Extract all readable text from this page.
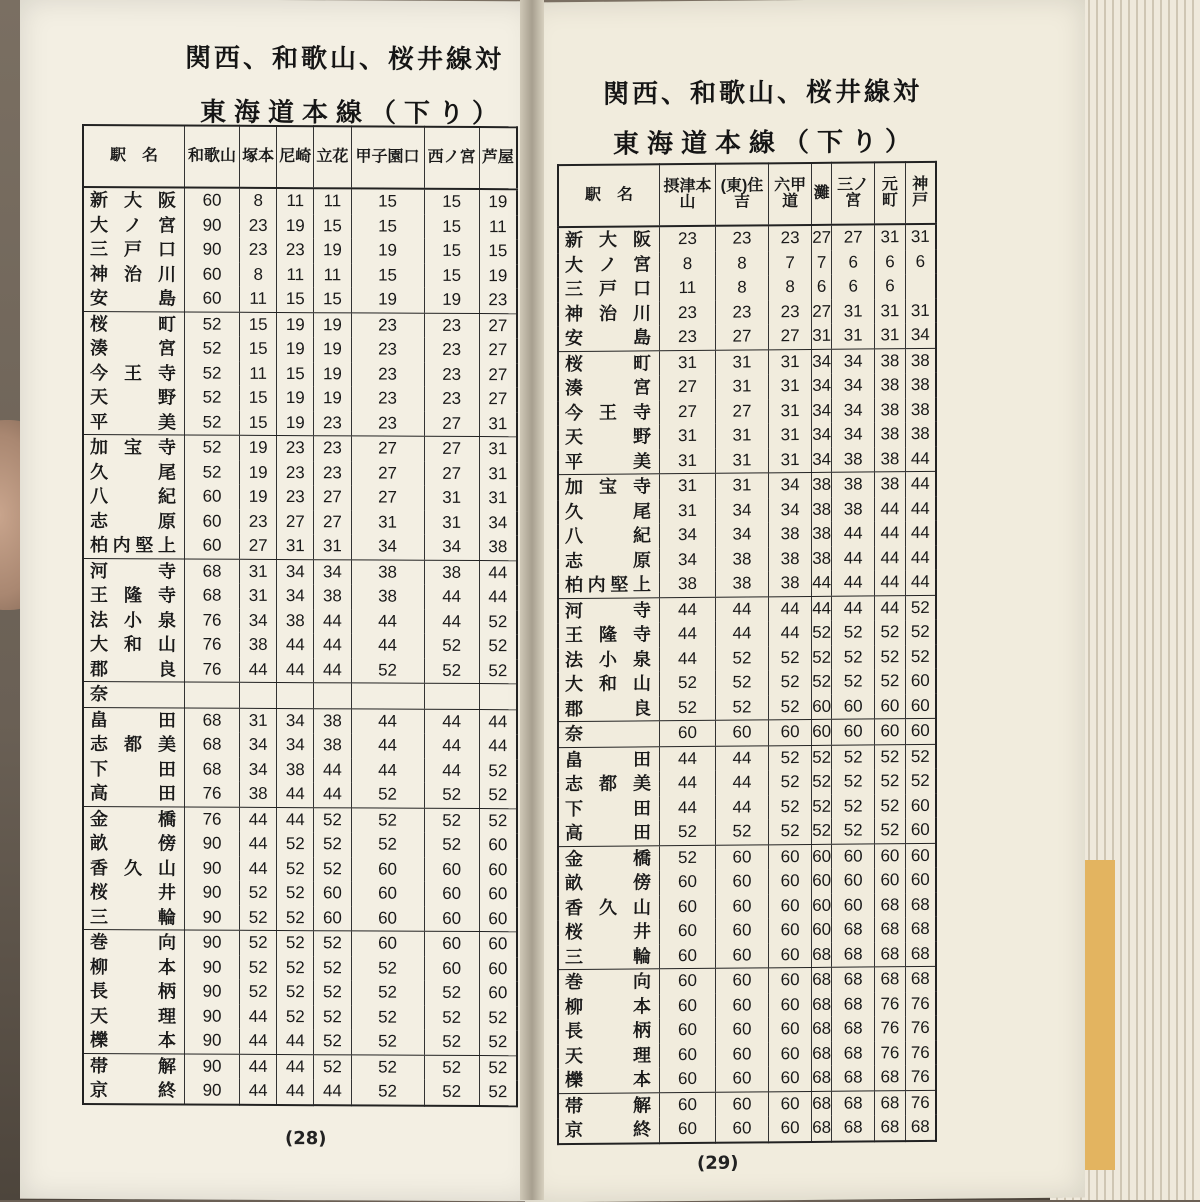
関西、和歌山、桜井線対
東海道本線（下り）
駅　名	和歌山	塚本	尼崎	立花	甲子園口	西ノ宮	芦屋
新大阪	60	8	11	11	15	15	19
大ノ宮	90	23	19	15	15	15	11
三戸口	90	23	23	19	19	15	15
神治川	60	8	11	11	15	15	19
安島	60	11	15	15	19	19	23
桜町	52	15	19	19	23	23	27
湊宮	52	15	19	19	23	23	27
今王寺	52	11	15	19	23	23	27
天野	52	15	19	19	23	23	27
平美	52	15	19	23	23	27	31
加宝寺	52	19	23	23	27	27	31
久尾	52	19	23	23	27	27	31
八紀	60	19	23	27	27	31	31
志原	60	23	27	27	31	31	34
柏内堅上	60	27	31	31	34	34	38
河寺	68	31	34	34	38	38	44
王隆寺	68	31	34	38	38	44	44
法小泉	76	34	38	44	44	44	52
大和山	76	38	44	44	44	52	52
郡良	76	44	44	44	52	52	52
奈							
畠田	68	31	34	38	44	44	44
志都美	68	34	34	38	44	44	44
下田	68	34	38	44	44	44	52
高田	76	38	44	44	52	52	52
金橋	76	44	44	52	52	52	52
畝傍	90	44	52	52	52	52	60
香久山	90	44	52	52	60	60	60
桜井	90	52	52	60	60	60	60
三輪	90	52	52	60	60	60	60
巻向	90	52	52	52	60	60	60
柳本	90	52	52	52	52	60	60
長柄	90	52	52	52	52	52	60
天理	90	44	52	52	52	52	52
櫟本	90	44	44	52	52	52	52
帯解	90	44	44	52	52	52	52
京終	90	44	44	44	52	52	52
(28)
関西、和歌山、桜井線対
東海道本線（下り）
駅　名	摂津本山	(東)住吉	六甲道	灘	三ノ宮	元町	神戸
新大阪	23	23	23	27	27	31	31
大ノ宮	8	8	7	7	6	6	6
三戸口	11	8	8	6	6	6	
神治川	23	23	23	27	31	31	31
安島	23	27	27	31	31	31	34
桜町	31	31	31	34	34	38	38
湊宮	27	31	31	34	34	38	38
今王寺	27	27	31	34	34	38	38
天野	31	31	31	34	34	38	38
平美	31	31	31	34	38	38	44
加宝寺	31	31	34	38	38	38	44
久尾	31	34	34	38	38	44	44
八紀	34	34	38	38	44	44	44
志原	34	38	38	38	44	44	44
柏内堅上	38	38	38	44	44	44	44
河寺	44	44	44	44	44	44	52
王隆寺	44	44	44	52	52	52	52
法小泉	44	52	52	52	52	52	52
大和山	52	52	52	52	52	52	60
郡良	52	52	52	60	60	60	60
奈	60	60	60	60	60	60	60
畠田	44	44	52	52	52	52	52
志都美	44	44	52	52	52	52	52
下田	44	44	52	52	52	52	60
高田	52	52	52	52	52	52	60
金橋	52	60	60	60	60	60	60
畝傍	60	60	60	60	60	60	60
香久山	60	60	60	60	60	68	68
桜井	60	60	60	60	68	68	68
三輪	60	60	60	68	68	68	68
巻向	60	60	60	68	68	68	68
柳本	60	60	60	68	68	76	76
長柄	60	60	60	68	68	76	76
天理	60	60	60	68	68	76	76
櫟本	60	60	60	68	68	68	76
帯解	60	60	60	68	68	68	76
京終	60	60	60	68	68	68	68
(29)
